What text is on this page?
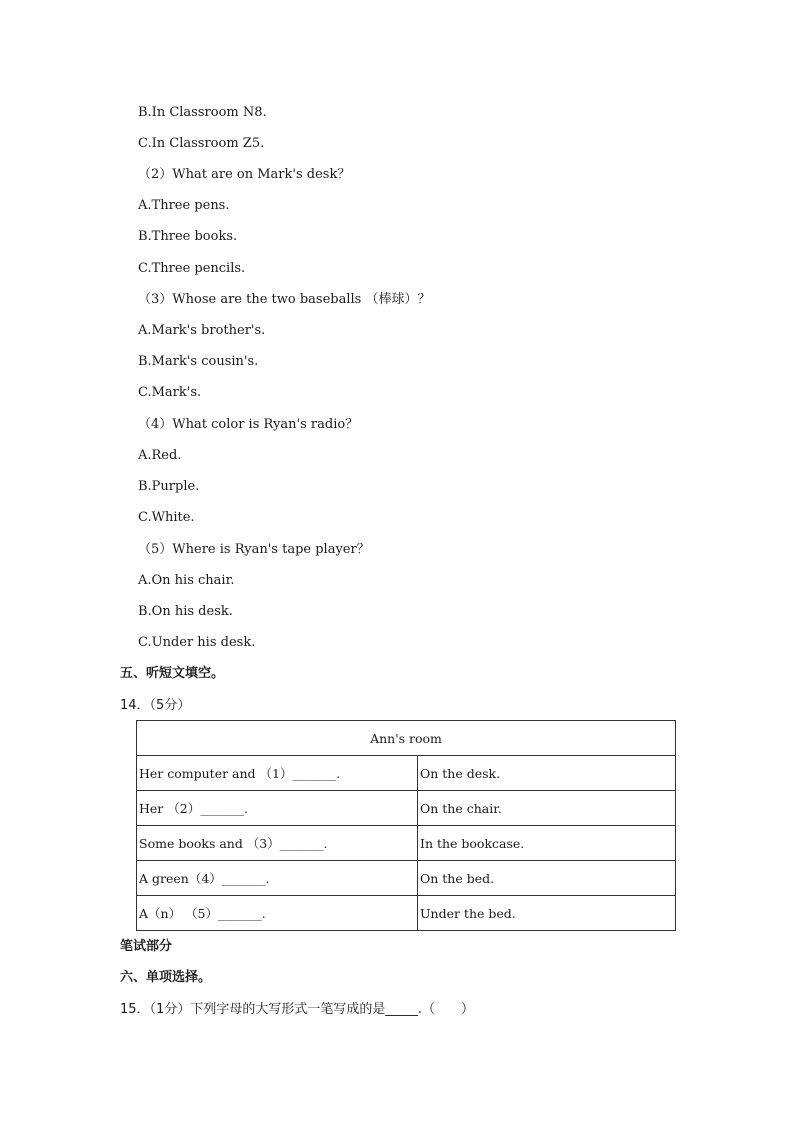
B.In Classroom N8.
C.In Classroom Z5.
（2）What are on Mark's desk？
A.Three pens.
B.Three books.
C.Three pencils.
（3）Whose are the two baseballs （棒球）？
A.Mark's brother's.
B.Mark's cousin's.
C.Mark's.
（4）What color is Ryan's radio？
A.Red.
B.Purple.
C.White.
（5）Where is Ryan's tape player？
A.On his chair.
B.On his desk.
C.Under his desk.
五、听短文填空。
14．（5分）
Ann's room	
Her computer and （1）_______.	On the desk.
Her （2）_______.	On the chair.
Some books and （3）_______.	In the bookcase.
A green（4）_______.	On the bed.
A（n） （5）_______.	Under the bed.
笔试部分
六、单项选择。
15．（1分）下列字母的大写形式一笔写成的是_____.（　　）
